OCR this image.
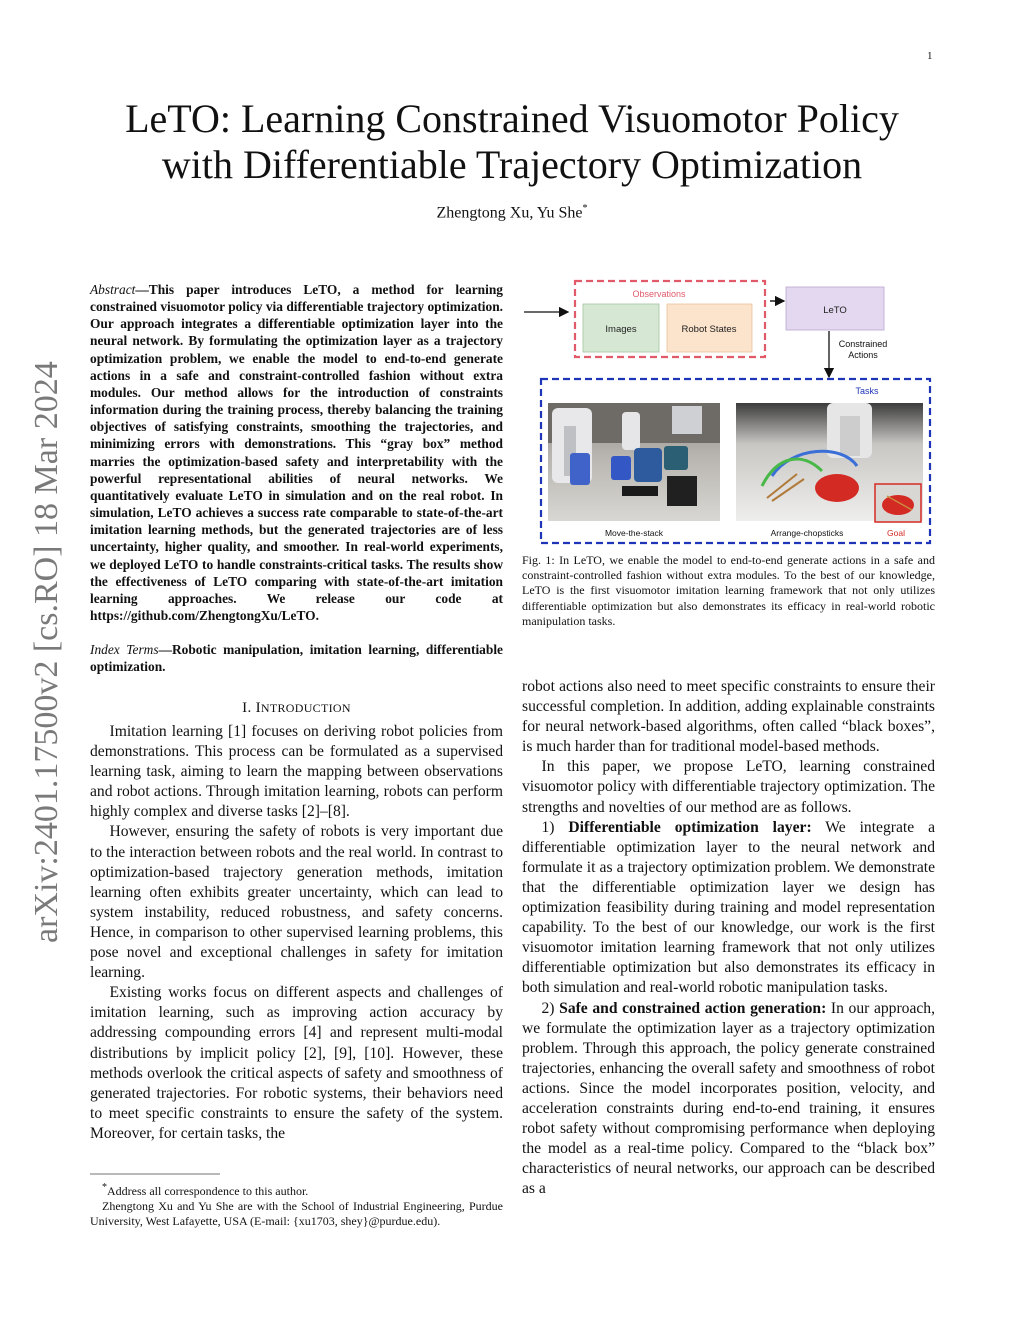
1
LeTO: Learning Constrained Visuomotor Policy
with Differentiable Trajectory Optimization
Zhengtong Xu, Yu She*
arXiv:2401.17500v2 [cs.RO] 18 Mar 2024
Abstract—This paper introduces LeTO, a method for learning constrained visuomotor policy via differentiable trajectory optimization. Our approach integrates a differentiable optimization layer into the neural network. By formulating the optimization layer as a trajectory optimization problem, we enable the model to end-to-end generate actions in a safe and constraint-controlled fashion without extra modules. Our method allows for the introduction of constraints information during the training process, thereby balancing the training objectives of satisfying constraints, smoothing the trajectories, and minimizing errors with demonstrations. This “gray box” method marries the optimization-based safety and interpretability with the powerful representational abilities of neural networks. We quantitatively evaluate LeTO in simulation and on the real robot. In simulation, LeTO achieves a success rate comparable to state-of-the-art imitation learning methods, but the generated trajectories are of less uncertainty, higher quality, and smoother. In real-world experiments, we deployed LeTO to handle constraints-critical tasks. The results show the effectiveness of LeTO comparing with state-of-the-art imitation learning approaches. We release our code at https://github.com/ZhengtongXu/LeTO.
Index Terms—Robotic manipulation, imitation learning, differentiable optimization.
I. INTRODUCTION

Imitation learning [1] focuses on deriving robot policies from demonstrations. This process can be formulated as a supervised learning task, aiming to learn the mapping between observations and robot actions. Through imitation learning, robots can perform highly complex and diverse tasks [2]–[8].

However, ensuring the safety of robots is very important due to the interaction between robots and the real world. In contrast to optimization-based trajectory generation methods, imitation learning often exhibits greater uncertainty, which can lead to system instability, reduced robustness, and safety concerns. Hence, in comparison to other supervised learning problems, this pose novel and exceptional challenges in safety for imitation learning.

Existing works focus on different aspects and challenges of imitation learning, such as improving action accuracy by addressing compounding errors [4] and represent multi-modal distributions by implicit policy [2], [9], [10]. However, these methods overlook the critical aspects of safety and smoothness of generated trajectories. For robotic systems, their behaviors need to meet specific constraints to ensure the safety of the system. Moreover, for certain tasks, the

*Address all correspondence to this author.

Zhengtong Xu and Yu She are with the School of Industrial Engineering, Purdue University, West Lafayette, USA (E-mail: {xu1703, shey}@purdue.edu).

Observations
Images	Robot States
LeTO
Constrained
Actions
Tasks
Move-the-stack	Arrange-chopsticks	Goal
Fig. 1: In LeTO, we enable the model to end-to-end generate actions in a safe and constraint-controlled fashion without extra modules. To the best of our knowledge, LeTO is the first visuomotor imitation learning framework that not only utilizes differentiable optimization but also demonstrates its efficacy in real-world robotic manipulation tasks.

robot actions also need to meet specific constraints to ensure their successful completion. In addition, adding explainable constraints for neural network-based algorithms, often called “black boxes”, is much harder than for traditional model-based methods.

In this paper, we propose LeTO, learning constrained visuomotor policy with differentiable trajectory optimization. The strengths and novelties of our method are as follows.

1) Differentiable optimization layer: We integrate a differentiable optimization layer to the neural network and formulate it as a trajectory optimization problem. We demonstrate that the differentiable optimization layer we design has optimization feasibility during training and model representation capability. To the best of our knowledge, our work is the first visuomotor imitation learning framework that not only utilizes differentiable optimization but also demonstrates its efficacy in both simulation and real-world robotic manipulation tasks.

2) Safe and constrained action generation: In our approach, we formulate the optimization layer as a trajectory optimization problem. Through this approach, the policy generate constrained trajectories, enhancing the overall safety and smoothness of robot actions. Since the model incorporates position, velocity, and acceleration constraints during end-to-end training, it ensures robot safety without compromising performance when deploying the model as a real-time policy. Compared to the “black box” characteristics of neural networks, our approach can be described as a
